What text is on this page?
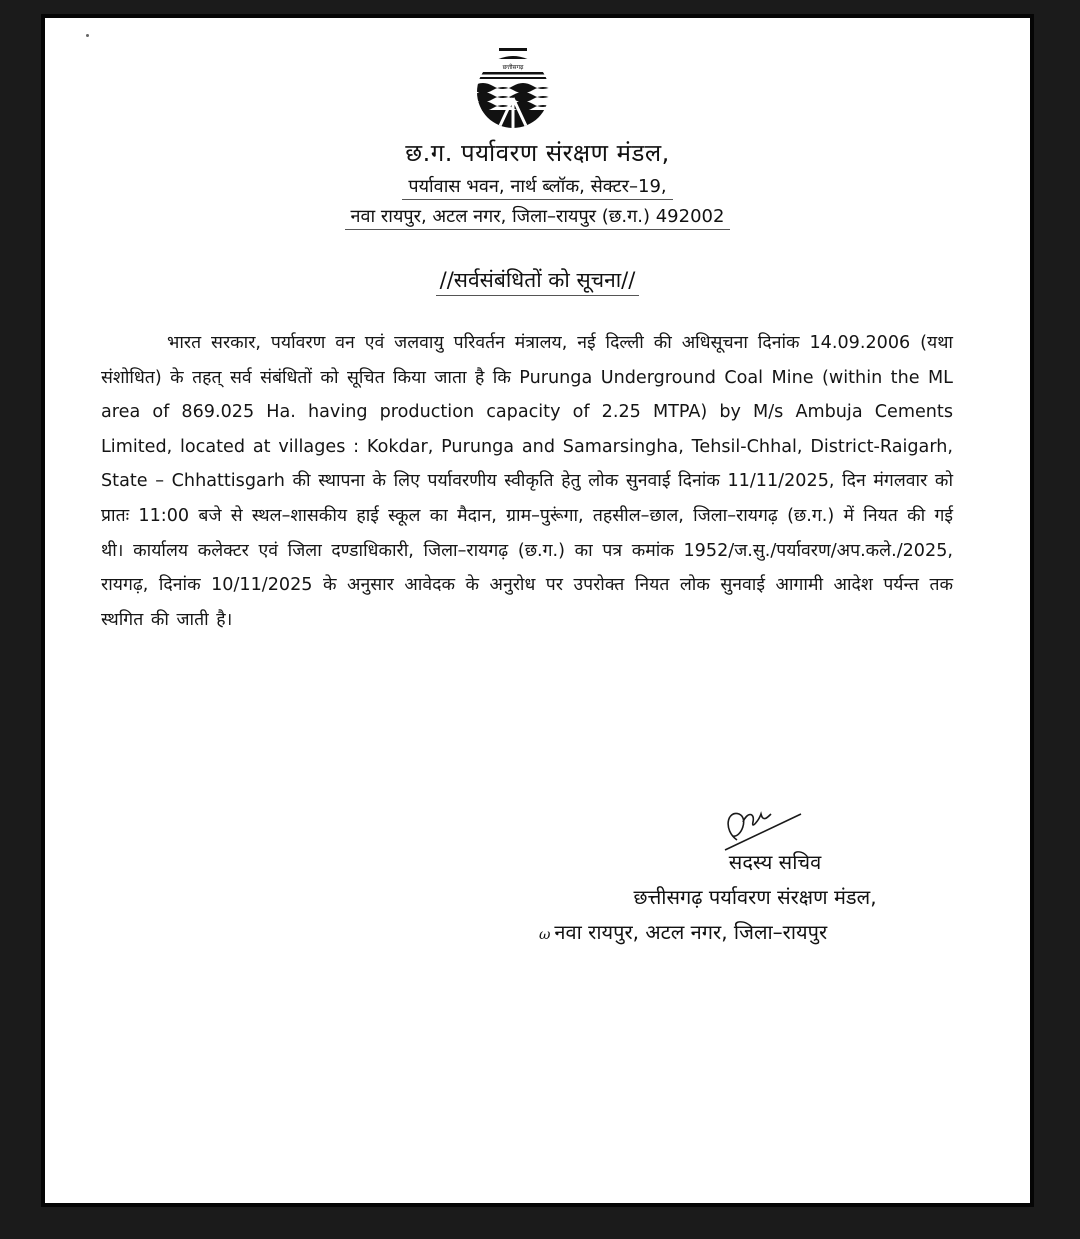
छत्तीसगढ़
छ.ग. पर्यावरण संरक्षण मंडल,
पर्यावास भवन, नार्थ ब्लॉक, सेक्टर–19,
नवा रायपुर, अटल नगर, जिला–रायपुर (छ.ग.) 492002
//सर्वसंबंधितों को सूचना//
भारत सरकार, पर्यावरण वन एवं जलवायु परिवर्तन मंत्रालय, नई दिल्ली की अधिसूचना दिनांक 14.09.2006 (यथा संशोधित) के तहत् सर्व संबंधितों को सूचित किया जाता है कि Purunga Underground Coal Mine (within the ML area of 869.025 Ha. having production capacity of 2.25 MTPA) by M/s Ambuja Cements Limited, located at villages : Kokdar, Purunga and Samarsingha, Tehsil-Chhal, District-Raigarh, State – Chhattisgarh की स्थापना के लिए पर्यावरणीय स्वीकृति हेतु लोक सुनवाई दिनांक 11/11/2025, दिन मंगलवार को प्रातः 11:00 बजे से स्थल–शासकीय हाई स्कूल का मैदान, ग्राम–पुरूंगा, तहसील–छाल, जिला–रायगढ़ (छ.ग.) में नियत की गई थी। कार्यालय कलेक्टर एवं जिला दण्डाधिकारी, जिला–रायगढ़ (छ.ग.) का पत्र कमांक 1952/ज.सु./पर्यावरण/अप.कले./2025, रायगढ़, दिनांक 10/11/2025 के अनुसार आवेदक के अनुरोध पर उपरोक्त नियत लोक सुनवाई आगामी आदेश पर्यन्त तक स्थगित की जाती है।
सदस्य सचिव
छत्तीसगढ़ पर्यावरण संरक्षण मंडल,
ω नवा रायपुर, अटल नगर, जिला–रायपुर
